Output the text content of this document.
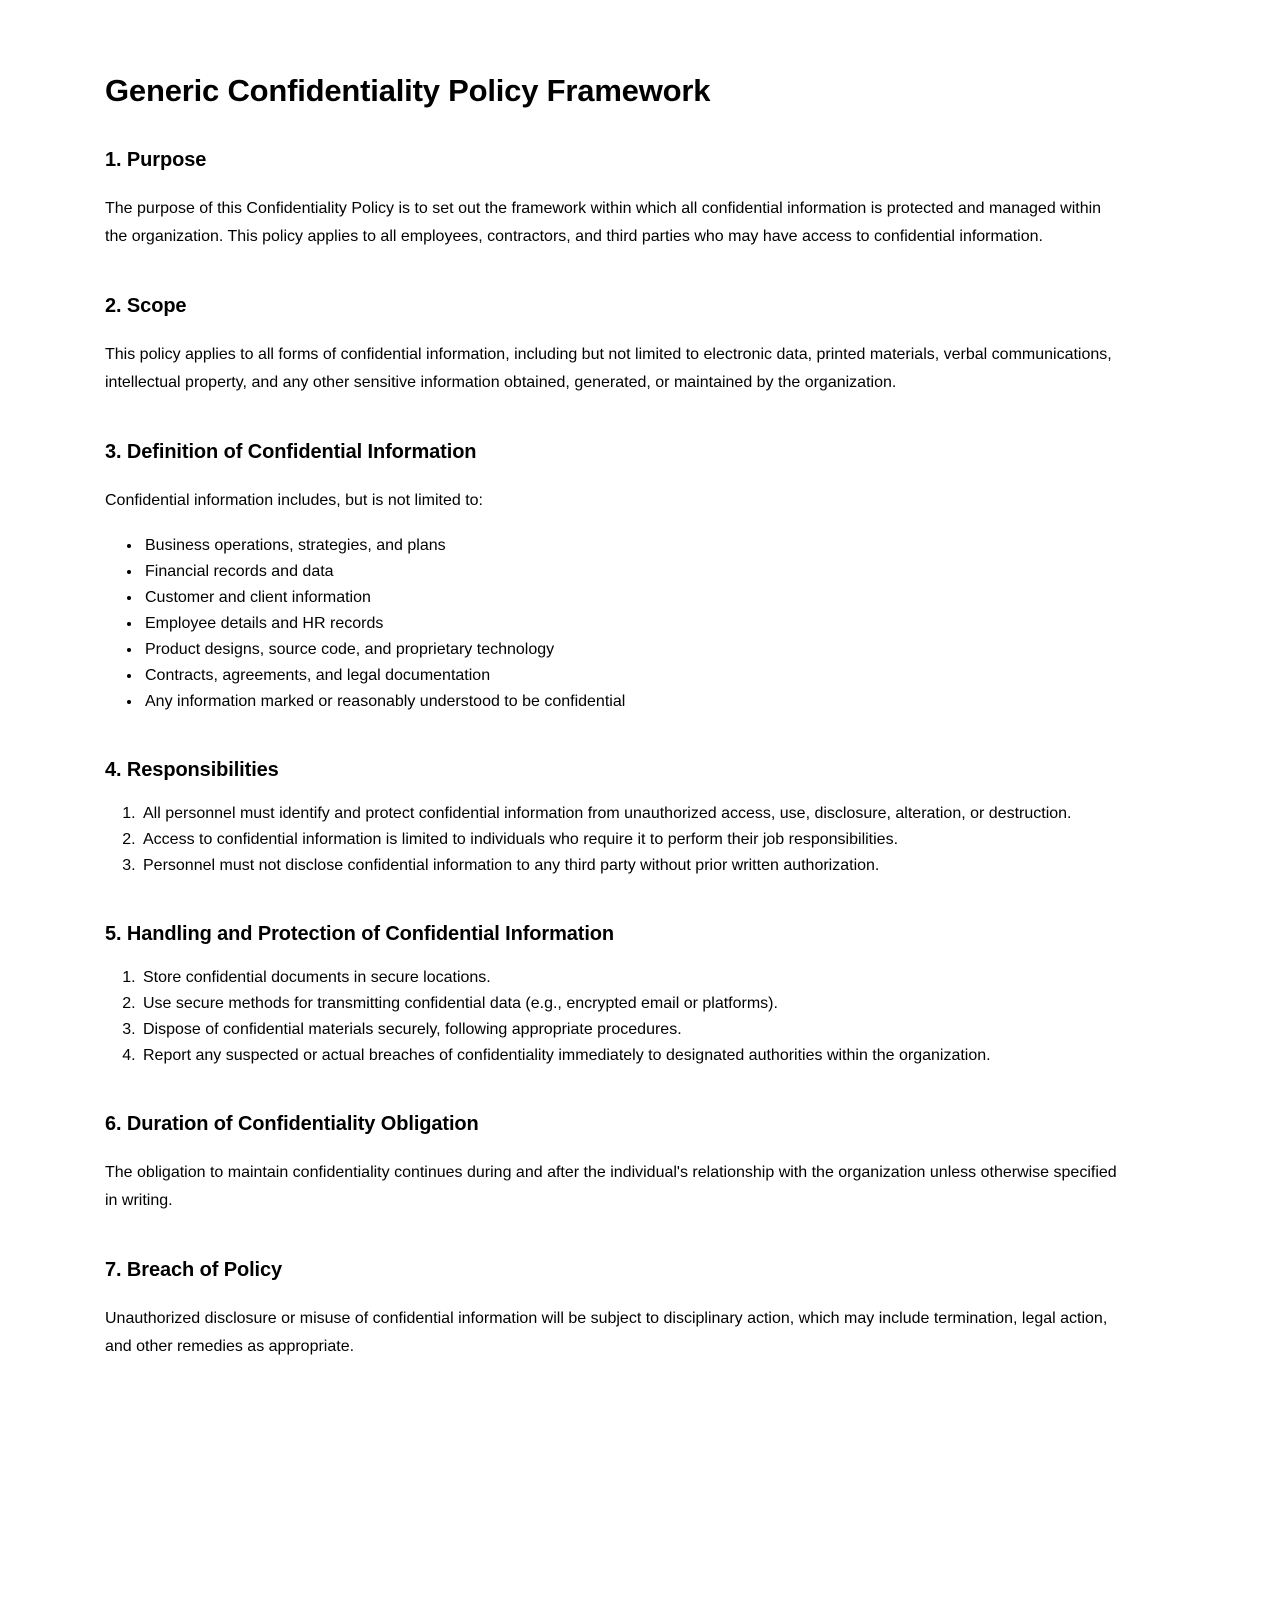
Generic Confidentiality Policy Framework
1. Purpose

The purpose of this Confidentiality Policy is to set out the framework within which all confidential information is protected and managed within the organization. This policy applies to all employees, contractors, and third parties who may have access to confidential information.

2. Scope

This policy applies to all forms of confidential information, including but not limited to electronic data, printed materials, verbal communications, intellectual property, and any other sensitive information obtained, generated, or maintained by the organization.

3. Definition of Confidential Information

Confidential information includes, but is not limited to:

• Business operations, strategies, and plans
• Financial records and data
• Customer and client information
• Employee details and HR records
• Product designs, source code, and proprietary technology
• Contracts, agreements, and legal documentation
• Any information marked or reasonably understood to be confidential
4. Responsibilities
1. All personnel must identify and protect confidential information from unauthorized access, use, disclosure, alteration, or destruction.
2. Access to confidential information is limited to individuals who require it to perform their job responsibilities.
3. Personnel must not disclose confidential information to any third party without prior written authorization.
5. Handling and Protection of Confidential Information
1. Store confidential documents in secure locations.
2. Use secure methods for transmitting confidential data (e.g., encrypted email or platforms).
3. Dispose of confidential materials securely, following appropriate procedures.
4. Report any suspected or actual breaches of confidentiality immediately to designated authorities within the organization.
6. Duration of Confidentiality Obligation

The obligation to maintain confidentiality continues during and after the individual's relationship with the organization unless otherwise specified in writing.

7. Breach of Policy

Unauthorized disclosure or misuse of confidential information will be subject to disciplinary action, which may include termination, legal action, and other remedies as appropriate.
